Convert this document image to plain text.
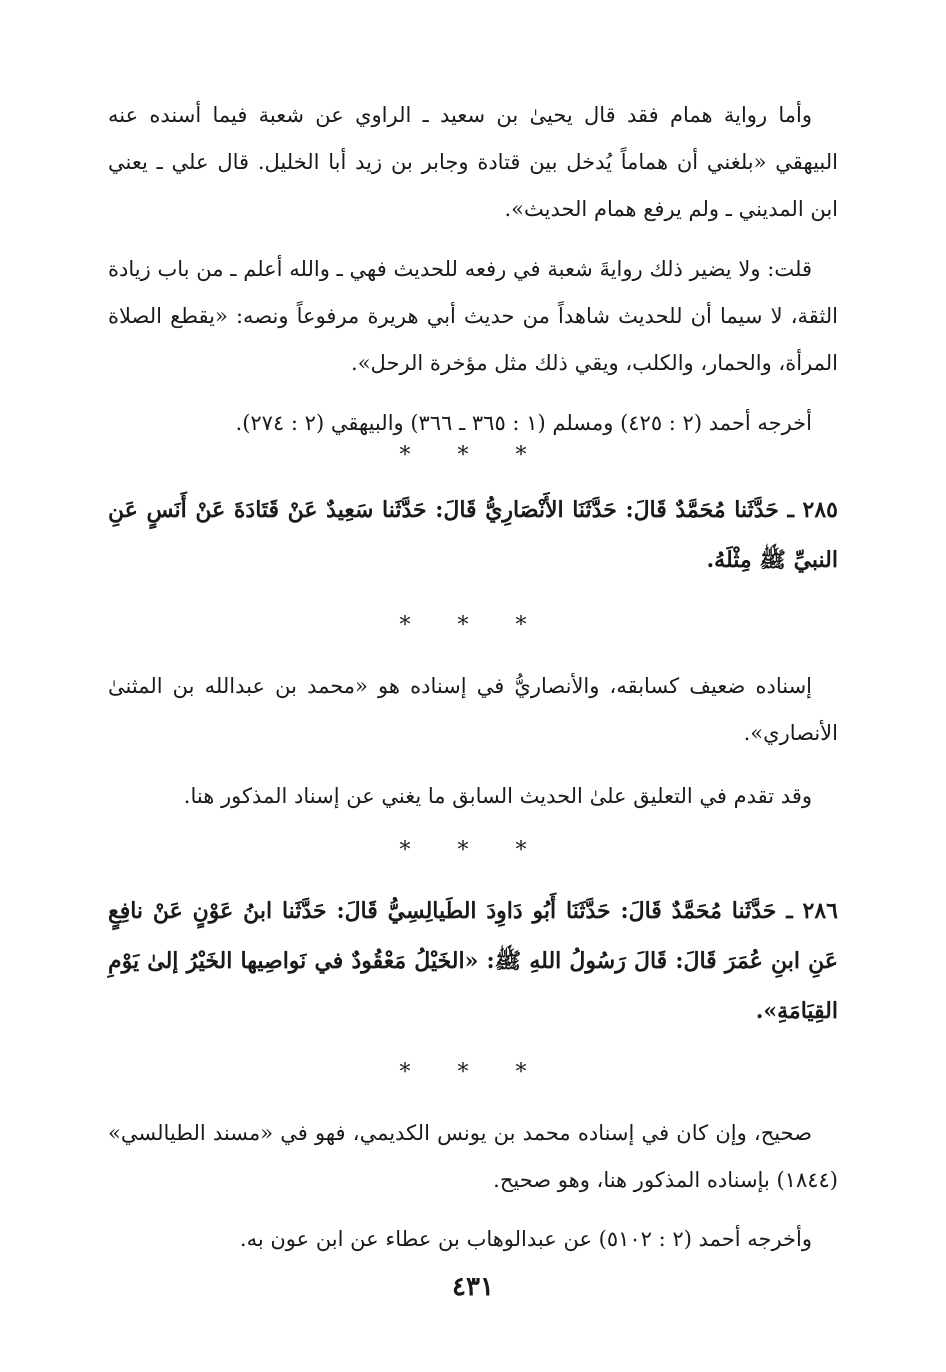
وأما رواية همام فقد قال يحيىٰ بن سعيد ـ الراوي عن شعبة فيما أسنده عنه البيهقي «بلغني أن هماماً يُدخل بين قتادة وجابر بن زيد أبا الخليل. قال علي ـ يعني ابن المديني ـ ولم يرفع همام الحديث».

قلت: ولا يضير ذلك روايةَ شعبة في رفعه للحديث فهي ـ والله أعلم ـ من باب زيادة الثقة، لا سيما أن للحديث شاهداً من حديث أبي هريرة مرفوعاً ونصه: «يقطع الصلاة المرأة، والحمار، والكلب، ويقي ذلك مثل مؤخرة الرحل».

أخرجه أحمد (٢ : ٤٢٥) ومسلم (١ : ٣٦٥ ـ ٣٦٦) والبيهقي (٢ : ٢٧٤).

* * *

٢٨٥ ـ حَدَّثَنا مُحَمَّدٌ قَالَ: حَدَّثَنَا الأَنْصَارِيُّ قَالَ: حَدَّثَنا سَعِيدٌ عَنْ قَتَادَةَ عَنْ أَنَسٍ عَنِ النبيِّ ﷺ مِثْلَهُ.

* * *

إسناده ضعيف كسابقه، والأنصاريُّ في إسناده هو «محمد بن عبدالله بن المثنىٰ الأنصاري».

وقد تقدم في التعليق علىٰ الحديث السابق ما يغني عن إسناد المذكور هنا.

* * *

٢٨٦ ـ حَدَّثَنا مُحَمَّدٌ قَالَ: حَدَّثَنَا أَبُو دَاوِدَ الطَيالِسِيُّ قَالَ: حَدَّثَنا ابنُ عَوْنٍ عَنْ نافِعٍ عَنِ ابنِ عُمَرَ قَالَ: قَالَ رَسُولُ اللهِ ﷺ: «الخَيْلُ مَعْقُودٌ في نَواصِيها الخَيْرُ إلىٰ يَوْمِ القِيَامَةِ».

* * *

صحيح، وإن كان في إسناده محمد بن يونس الكديمي، فهو في «مسند الطيالسي» (١٨٤٤) بإسناده المذكور هنا، وهو صحيح.

وأخرجه أحمد (٢ : ٥١٠٢) عن عبدالوهاب بن عطاء عن ابن عون به.

٤٣١
